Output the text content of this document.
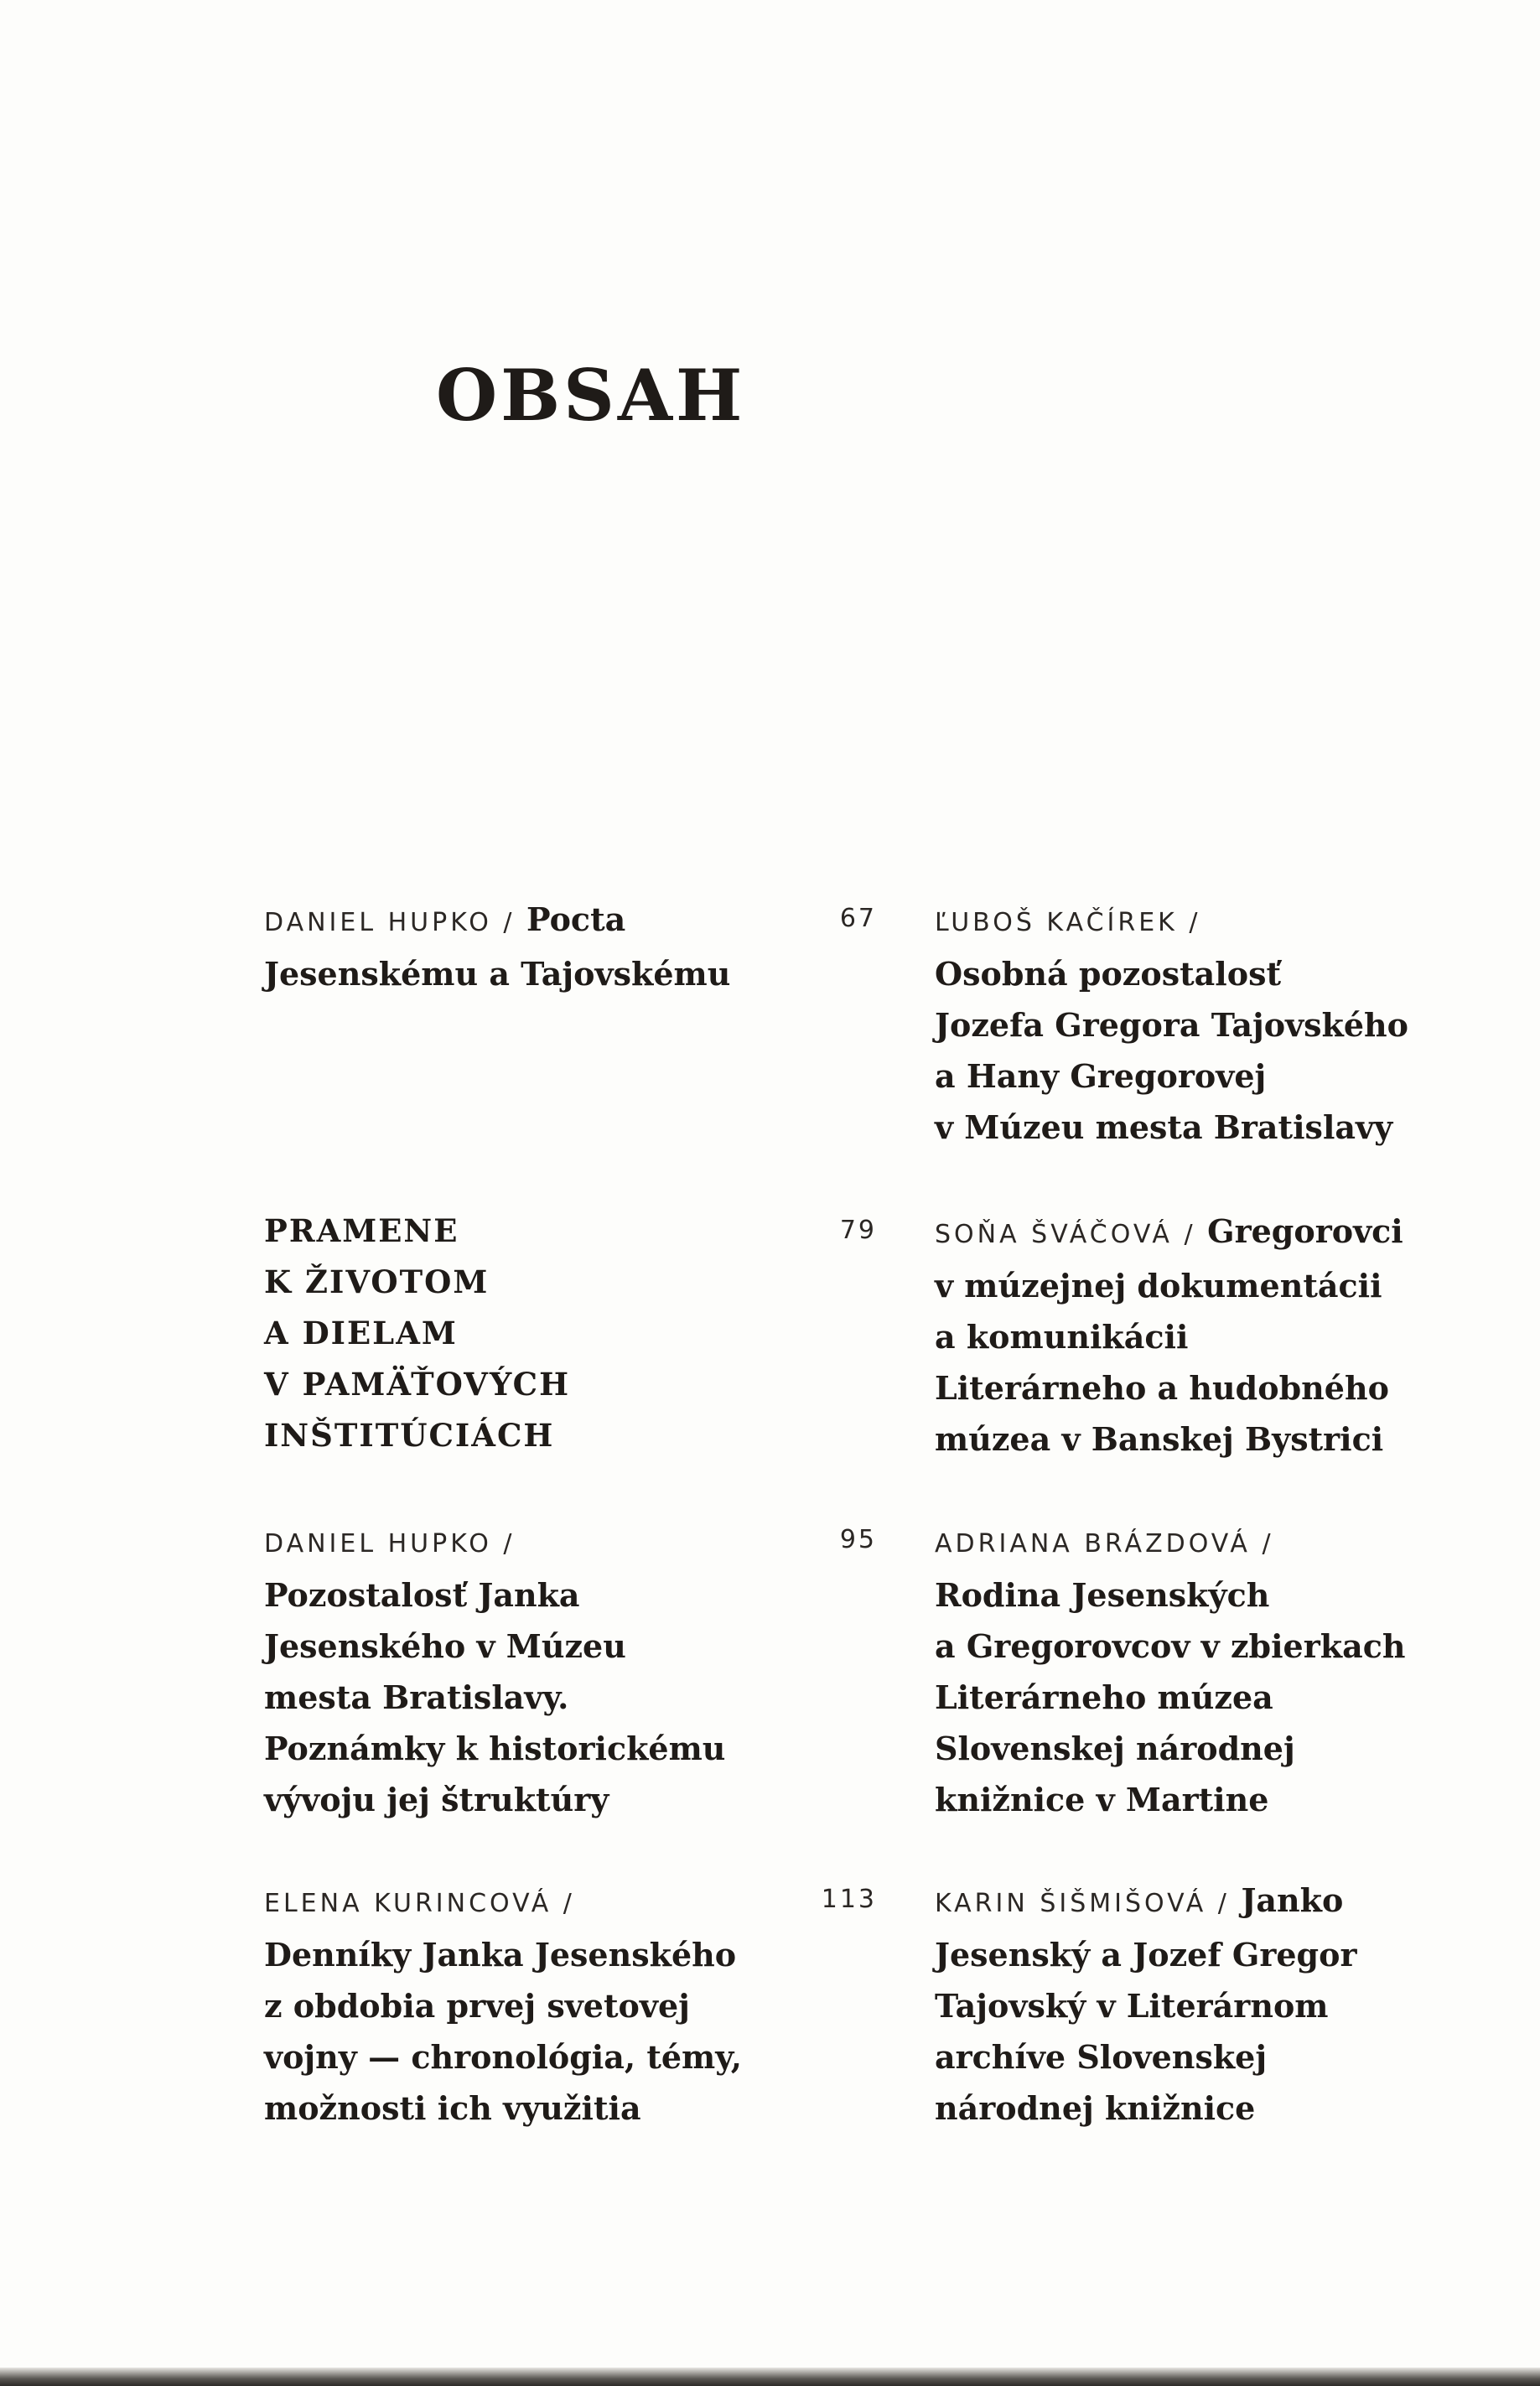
OBSAH
DANIEL HUPKO / Pocta
Jesenskému a Tajovskému
PRAMENE
K ŽIVOTOM
A DIELAM
V PAMÄŤOVÝCH
INŠTITÚCIÁCH
DANIEL HUPKO /
Pozostalosť Janka
Jesenského v Múzeu
mesta Bratislavy.
Poznámky k historickému
vývoju jej štruktúry
ELENA KURINCOVÁ /
Denníky Janka Jesenského
z obdobia prvej svetovej
vojny — chronológia, témy,
možnosti ich využitia
67 ĽUBOŠ KAČÍREK /
Osobná pozostalosť
Jozefa Gregora Tajovského
a Hany Gregorovej
v Múzeu mesta Bratislavy
79 SOŇA ŠVÁČOVÁ / Gregorovci
v múzejnej dokumentácii
a komunikácii
Literárneho a hudobného
múzea v Banskej Bystrici
95 ADRIANA BRÁZDOVÁ /
Rodina Jesenských
a Gregorovcov v zbierkach
Literárneho múzea
Slovenskej národnej
knižnice v Martine
113 KARIN ŠIŠMIŠOVÁ / Janko
Jesenský a Jozef Gregor
Tajovský v Literárnom
archíve Slovenskej
národnej knižnice
